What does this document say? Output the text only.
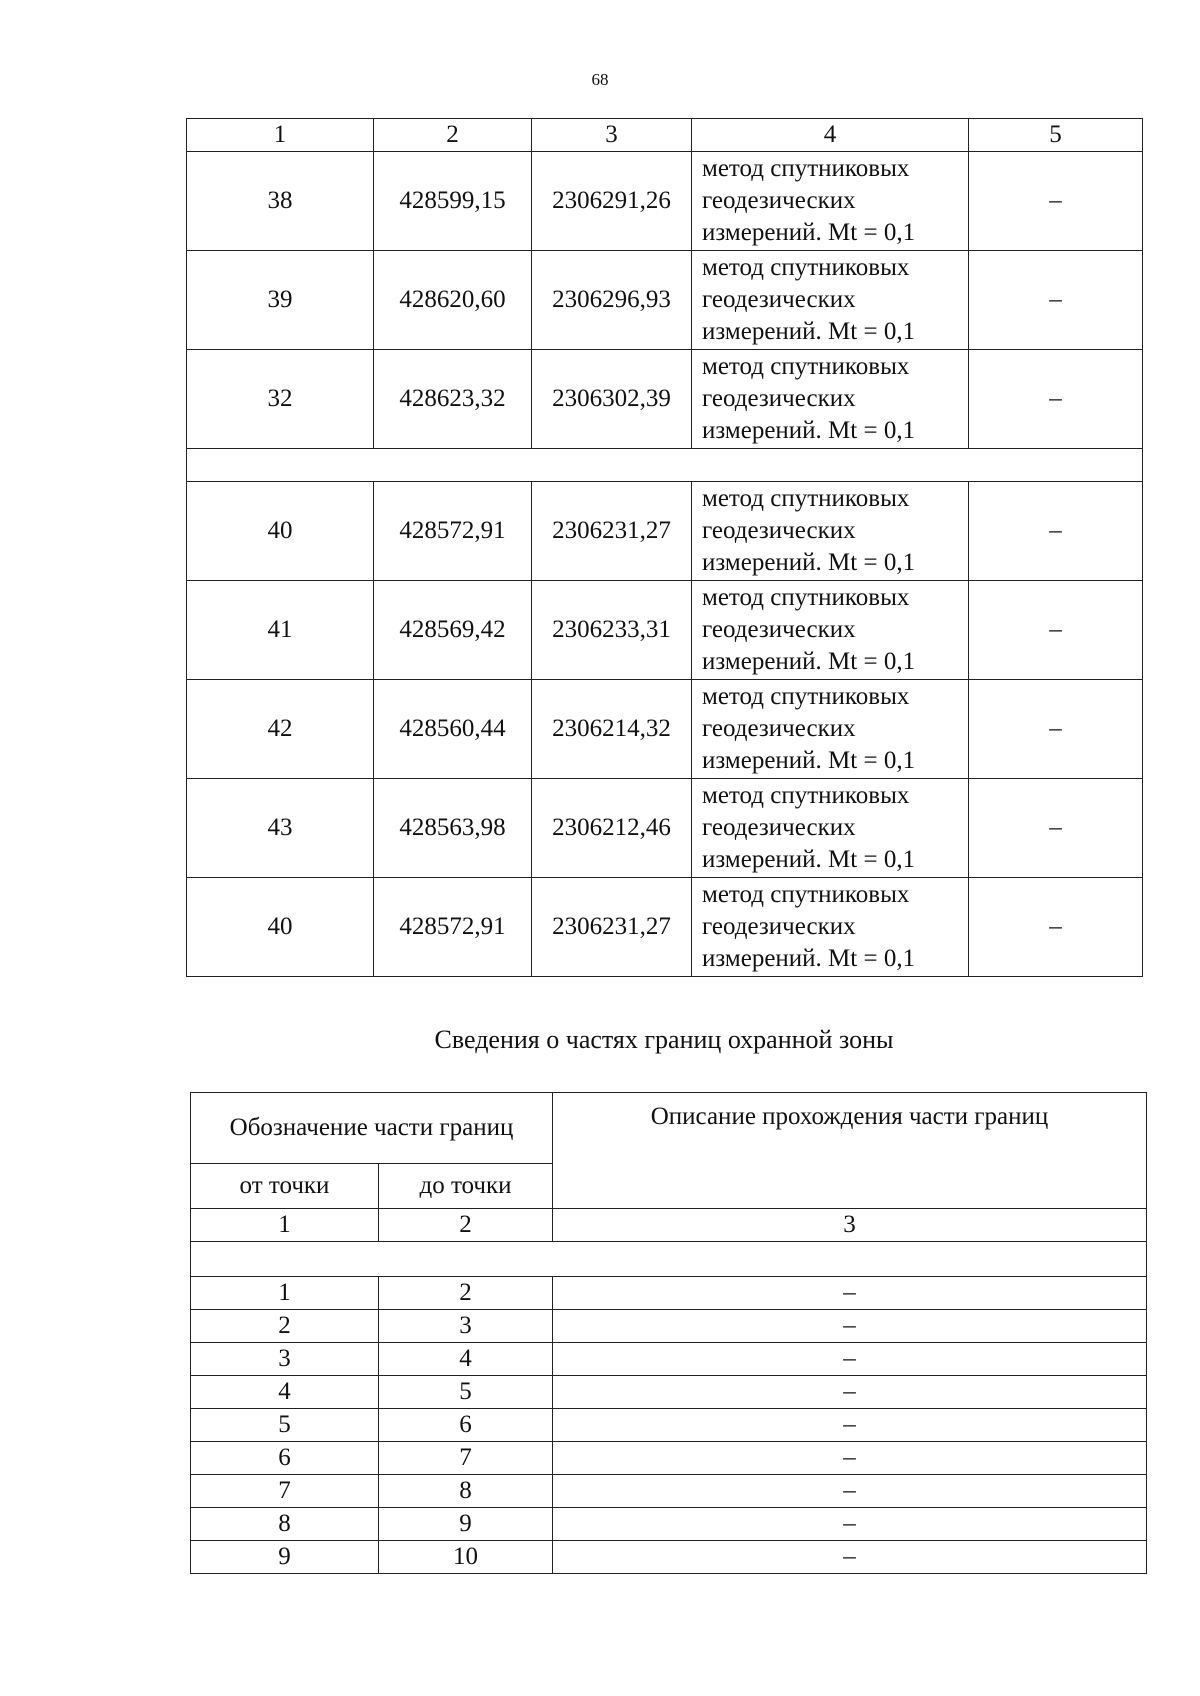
68
1	2	3	4	5
38	428599,15	2306291,26	метод спутниковых
геодезических
измерений. Mt = 0,1	–
39	428620,60	2306296,93	метод спутниковых
геодезических
измерений. Mt = 0,1	–
32	428623,32	2306302,39	метод спутниковых
геодезических
измерений. Mt = 0,1	–

40	428572,91	2306231,27	метод спутниковых
геодезических
измерений. Mt = 0,1	–
41	428569,42	2306233,31	метод спутниковых
геодезических
измерений. Mt = 0,1	–
42	428560,44	2306214,32	метод спутниковых
геодезических
измерений. Mt = 0,1	–
43	428563,98	2306212,46	метод спутниковых
геодезических
измерений. Mt = 0,1	–
40	428572,91	2306231,27	метод спутниковых
геодезических
измерений. Mt = 0,1	–
Сведения о частях границ охранной зоны
Обозначение части границ		Описание прохождения части границ
от точки	до точки	
1	2	3

1	2	–
2	3	–
3	4	–
4	5	–
5	6	–
6	7	–
7	8	–
8	9	–
9	10	–
